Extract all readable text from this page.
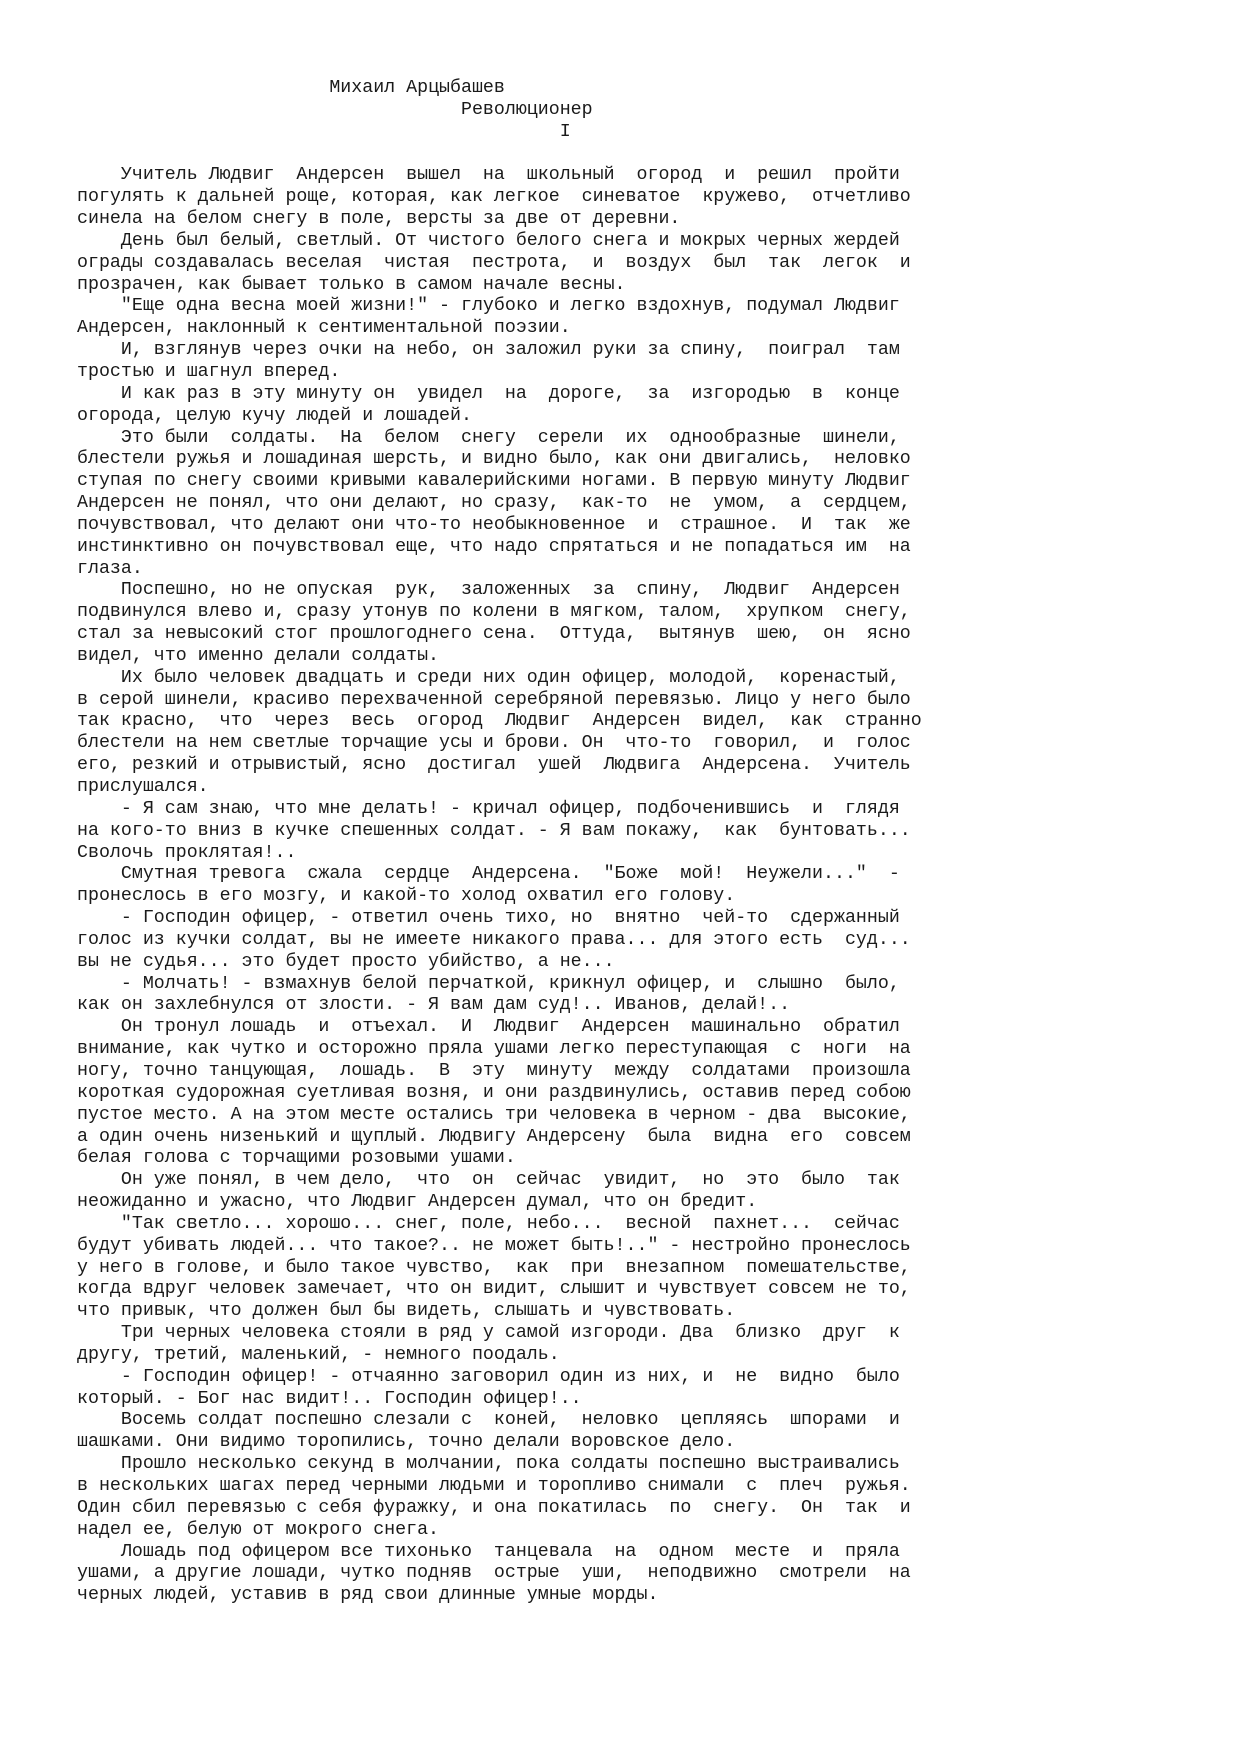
Михаил Арцыбашев
Революционер
I
Учитель Людвиг  Андерсен  вышел  на  школьный  огород  и  решил  пройти
погулять к дальней роще, которая, как легкое  синеватое  кружево,  отчетливо
синела на белом снегу в поле, версты за две от деревни.
День был белый, светлый. От чистого белого снега и мокрых черных жердей
ограды создавалась веселая  чистая  пестрота,  и  воздух  был  так  легок  и
прозрачен, как бывает только в самом начале весны.
"Еще одна весна моей жизни!" - глубоко и легко вздохнув, подумал Людвиг
Андерсен, наклонный к сентиментальной поэзии.
И, взглянув через очки на небо, он заложил руки за спину,  поиграл  там
тростью и шагнул вперед.
И как раз в эту минуту он  увидел  на  дороге,  за  изгородью  в  конце
огорода, целую кучу людей и лошадей.
Это были  солдаты.  На  белом  снегу  серели  их  однообразные  шинели,
блестели ружья и лошадиная шерсть, и видно было, как они двигались,  неловко
ступая по снегу своими кривыми кавалерийскими ногами. В первую минуту Людвиг
Андерсен не понял, что они делают, но сразу,  как-то  не  умом,  а  сердцем,
почувствовал, что делают они что-то необыкновенное  и  страшное.  И  так  же
инстинктивно он почувствовал еще, что надо спрятаться и не попадаться им  на
глаза.
Поспешно, но не опуская  рук,  заложенных  за  спину,  Людвиг  Андерсен
подвинулся влево и, сразу утонув по колени в мягком, талом,  хрупком  снегу,
стал за невысокий стог прошлогоднего сена.  Оттуда,  вытянув  шею,  он  ясно
видел, что именно делали солдаты.
Их было человек двадцать и среди них один офицер, молодой,  коренастый,
в серой шинели, красиво перехваченной серебряной перевязью. Лицо у него было
так красно,  что  через  весь  огород  Людвиг  Андерсен  видел,  как  странно
блестели на нем светлые торчащие усы и брови. Он  что-то  говорил,  и  голос
его, резкий и отрывистый, ясно  достигал  ушей  Людвига  Андерсена.  Учитель
прислушался.
- Я сам знаю, что мне делать! - кричал офицер, подбоченившись  и  глядя
на кого-то вниз в кучке спешенных солдат. - Я вам покажу,  как  бунтовать...
Сволочь проклятая!..
Смутная тревога  сжала  сердце  Андерсена.  "Боже  мой!  Неужели..."  -
пронеслось в его мозгу, и какой-то холод охватил его голову.
- Господин офицер, - ответил очень тихо, но  внятно  чей-то  сдержанный
голос из кучки солдат, вы не имеете никакого права... для этого есть  суд...
вы не судья... это будет просто убийство, а не...
- Молчать! - взмахнув белой перчаткой, крикнул офицер, и  слышно  было,
как он захлебнулся от злости. - Я вам дам суд!.. Иванов, делай!..
Он тронул лошадь  и  отъехал.  И  Людвиг  Андерсен  машинально  обратил
внимание, как чутко и осторожно пряла ушами легко переступающая  с  ноги  на
ногу, точно танцующая,  лошадь.  В  эту  минуту  между  солдатами  произошла
короткая судорожная суетливая возня, и они раздвинулись, оставив перед собою
пустое место. А на этом месте остались три человека в черном - два  высокие,
а один очень низенький и щуплый. Людвигу Андерсену  была  видна  его  совсем
белая голова с торчащими розовыми ушами.
Он уже понял, в чем дело,  что  он  сейчас  увидит,  но  это  было  так
неожиданно и ужасно, что Людвиг Андерсен думал, что он бредит.
"Так светло... хорошо... снег, поле, небо...  весной  пахнет...  сейчас
будут убивать людей... что такое?.. не может быть!.." - нестройно пронеслось
у него в голове, и было такое чувство,  как  при  внезапном  помешательстве,
когда вдруг человек замечает, что он видит, слышит и чувствует совсем не то,
что привык, что должен был бы видеть, слышать и чувствовать.
Три черных человека стояли в ряд у самой изгороди. Два  близко  друг  к
другу, третий, маленький, - немного поодаль.
- Господин офицер! - отчаянно заговорил один из них, и  не  видно  было
который. - Бог нас видит!.. Господин офицер!..
Восемь солдат поспешно слезали с  коней,  неловко  цепляясь  шпорами  и
шашками. Они видимо торопились, точно делали воровское дело.
Прошло несколько секунд в молчании, пока солдаты поспешно выстраивались
в нескольких шагах перед черными людьми и торопливо снимали  с  плеч  ружья.
Один сбил перевязью с себя фуражку, и она покатилась  по  снегу.  Он  так  и
надел ее, белую от мокрого снега.
Лошадь под офицером все тихонько  танцевала  на  одном  месте  и  пряла
ушами, а другие лошади, чутко подняв  острые  уши,  неподвижно  смотрели  на
черных людей, уставив в ряд свои длинные умные морды.
